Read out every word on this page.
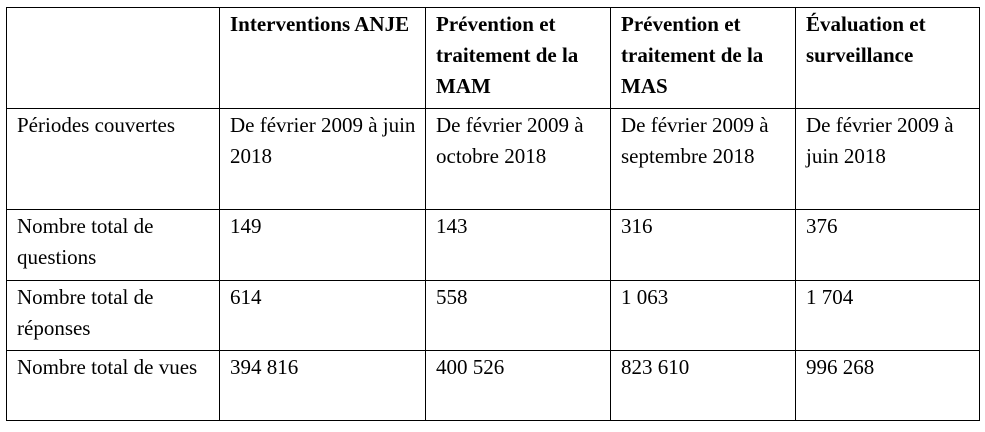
	Interventions ANJE	Prévention et traitement de la MAM	Prévention et traitement de la MAS	Évaluation et surveillance
Périodes couvertes	De février 2009 à juin 2018	De février 2009 à octobre 2018	De février 2009 à septembre 2018	De février 2009 à juin 2018
Nombre total de questions	149	143	316	376
Nombre total de réponses	614	558	1 063	1 704
Nombre total de vues	394 816	400 526	823 610	996 268
